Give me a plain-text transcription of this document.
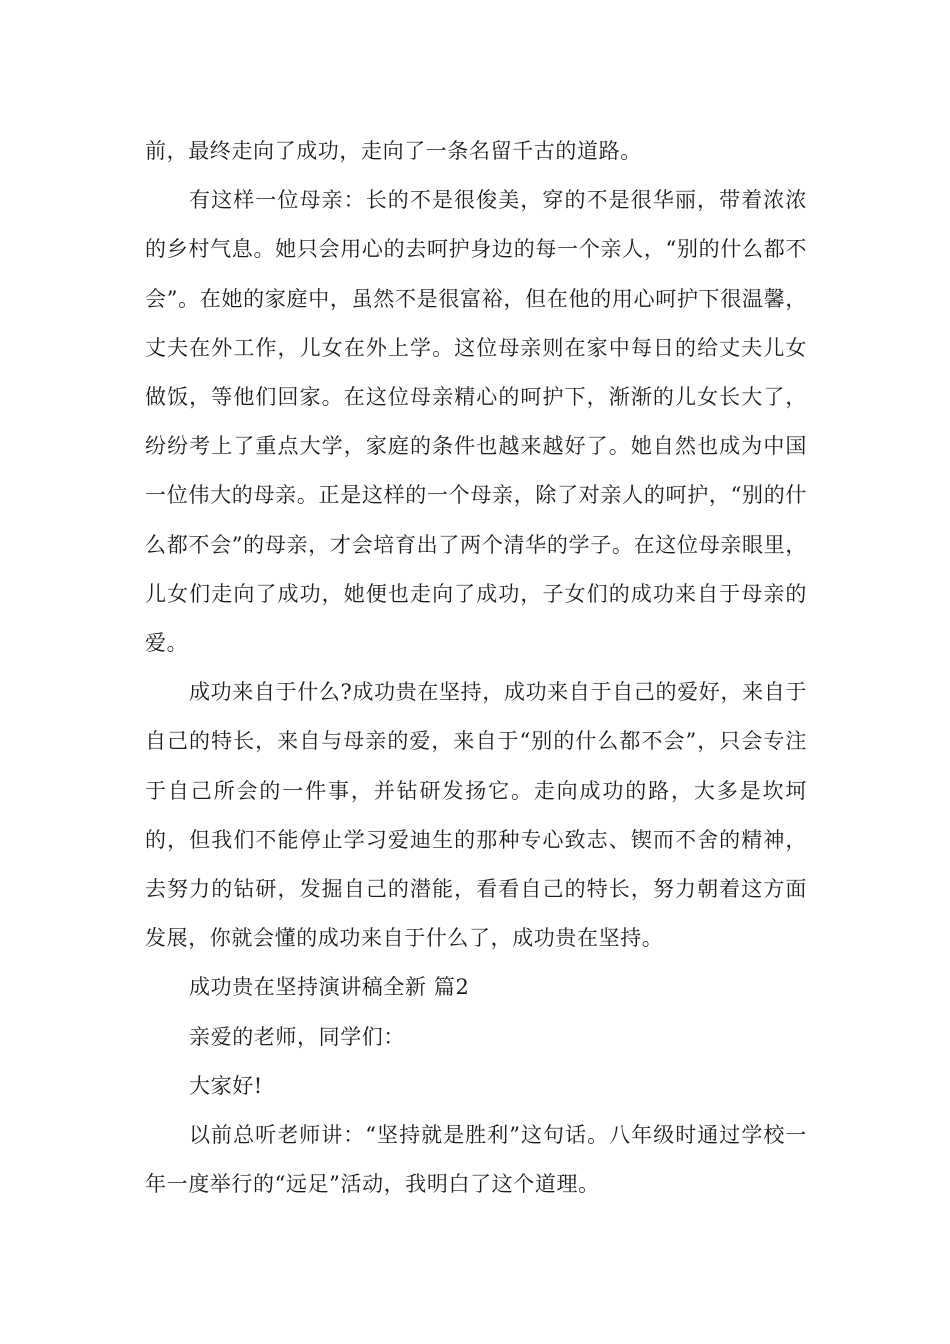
前，最终走向了成功，走向了一条名留千古的道路。

有这样一位母亲：长的不是很俊美，穿的不是很华丽，带着浓浓的乡村气息。她只会用心的去呵护身边的每一个亲人，“别的什么都不会”。在她的家庭中，虽然不是很富裕，但在他的用心呵护下很温馨，丈夫在外工作，儿女在外上学。这位母亲则在家中每日的给丈夫儿女做饭，等他们回家。在这位母亲精心的呵护下，渐渐的儿女长大了，纷纷考上了重点大学，家庭的条件也越来越好了。她自然也成为中国一位伟大的母亲。正是这样的一个母亲，除了对亲人的呵护，“别的什么都不会”的母亲，才会培育出了两个清华的学子。在这位母亲眼里，儿女们走向了成功，她便也走向了成功，子女们的成功来自于母亲的爱。

成功来自于什么?成功贵在坚持，成功来自于自己的爱好，来自于自己的特长，来自与母亲的爱，来自于“别的什么都不会”，只会专注于自己所会的一件事，并钻研发扬它。走向成功的路，大多是坎坷的，但我们不能停止学习爱迪生的那种专心致志、锲而不舍的精神，去努力的钻研，发掘自己的潜能，看看自己的特长，努力朝着这方面发展，你就会懂的成功来自于什么了，成功贵在坚持。

成功贵在坚持演讲稿全新 篇2

亲爱的老师，同学们：

大家好!

以前总听老师讲：“坚持就是胜利”这句话。八年级时通过学校一年一度举行的“远足”活动，我明白了这个道理。
